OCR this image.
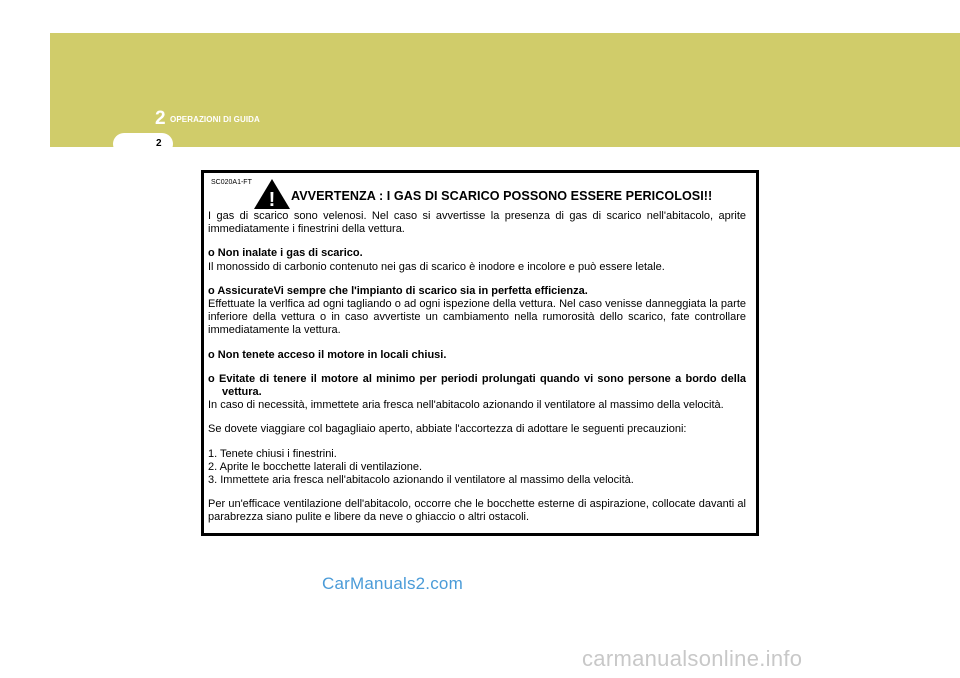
2 OPERAZIONI DI GUIDA
2
SC020A1-FT
! AVVERTENZA : I GAS DI SCARICO POSSONO ESSERE PERICOLOSI!!

I gas di scarico sono velenosi. Nel caso si avvertisse la presenza di gas di scarico nell'abitacolo, aprite immediatamente i finestrini della vettura.

o Non inalate i gas di scarico.

Il monossido di carbonio contenuto nei gas di scarico è inodore e incolore e può essere letale.

o AssicurateVi sempre che l'impianto di scarico sia in perfetta efficienza.

Effettuate la verlfica ad ogni tagliando o ad ogni ispezione della vettura. Nel caso venisse danneggiata la parte inferiore della vettura o in caso avvertiste un cambiamento nella rumorosità dello scarico, fate controllare immediatamente la vettura.

o Non tenete acceso il motore in locali chiusi.

o Evitate di tenere il motore al minimo per periodi prolungati quando vi sono persone a bordo della vettura.

In caso di necessità, immettete aria fresca nell'abitacolo azionando il ventilatore al massimo della velocità.

Se dovete viaggiare col bagagliaio aperto, abbiate l'accortezza di adottare le seguenti precauzioni:

1. Tenete chiusi i finestrini.

2. Aprite le bocchette laterali di ventilazione.

3. Immettete aria fresca nell'abitacolo azionando il ventilatore al massimo della velocità.

Per un'efficace ventilazione dell'abitacolo, occorre che le bocchette esterne di aspirazione, collocate davanti al parabrezza siano pulite e libere da neve o ghiaccio o altri ostacoli.

CarManuals2.com
carmanualsonline.info
